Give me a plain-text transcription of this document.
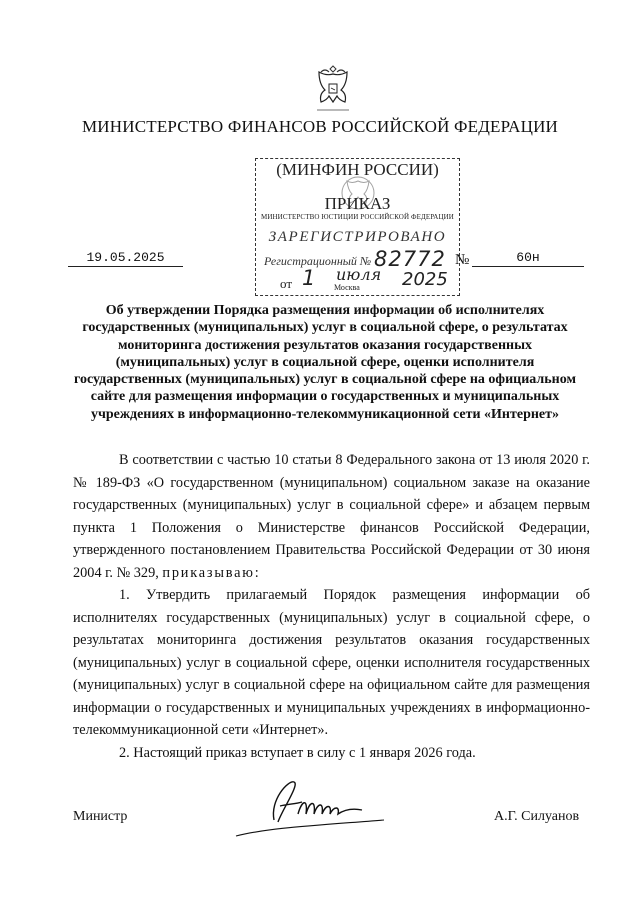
МИНИСТЕРСТВО ФИНАНСОВ РОССИЙСКОЙ ФЕДЕРАЦИИ
(МИНФИН РОССИИ)
ПРИКАЗ
МИНИСТЕРСТВО ЮСТИЦИИ РОССИЙСКОЙ ФЕДЕРАЦИИ
ЗАРЕГИСТРИРОВАНО
Регистрационный № 82772
от 1 июля
Москва 2025
19.05.2025	№	60н
Об утверждении Порядка размещения информации об исполнителях государственных (муниципальных) услуг в социальной сфере, о результатах мониторинга достижения результатов оказания государственных (муниципальных) услуг в социальной сфере, оценки исполнителя государственных (муниципальных) услуг в социальной сфере на официальном сайте для размещения информации о государственных и муниципальных учреждениях в информационно-телекоммуникационной сети «Интернет»

В соответствии с частью 10 статьи 8 Федерального закона от 13 июля 2020 г. № 189-ФЗ «О государственном (муниципальном) социальном заказе на оказание государственных (муниципальных) услуг в социальной сфере» и абзацем первым пункта 1 Положения о Министерстве финансов Российской Федерации, утвержденного постановлением Правительства Российской Федерации от 30 июня 2004 г. № 329, приказываю:

1. Утвердить прилагаемый Порядок размещения информации об исполнителях государственных (муниципальных) услуг в социальной сфере, о результатах мониторинга достижения результатов оказания государственных (муниципальных) услуг в социальной сфере, оценки исполнителя государственных (муниципальных) услуг в социальной сфере на официальном сайте для размещения информации о государственных и муниципальных учреждениях в информационно-телекоммуникационной сети «Интернет».

2. Настоящий приказ вступает в силу с 1 января 2026 года.

Министр	А.Г. Силуанов
